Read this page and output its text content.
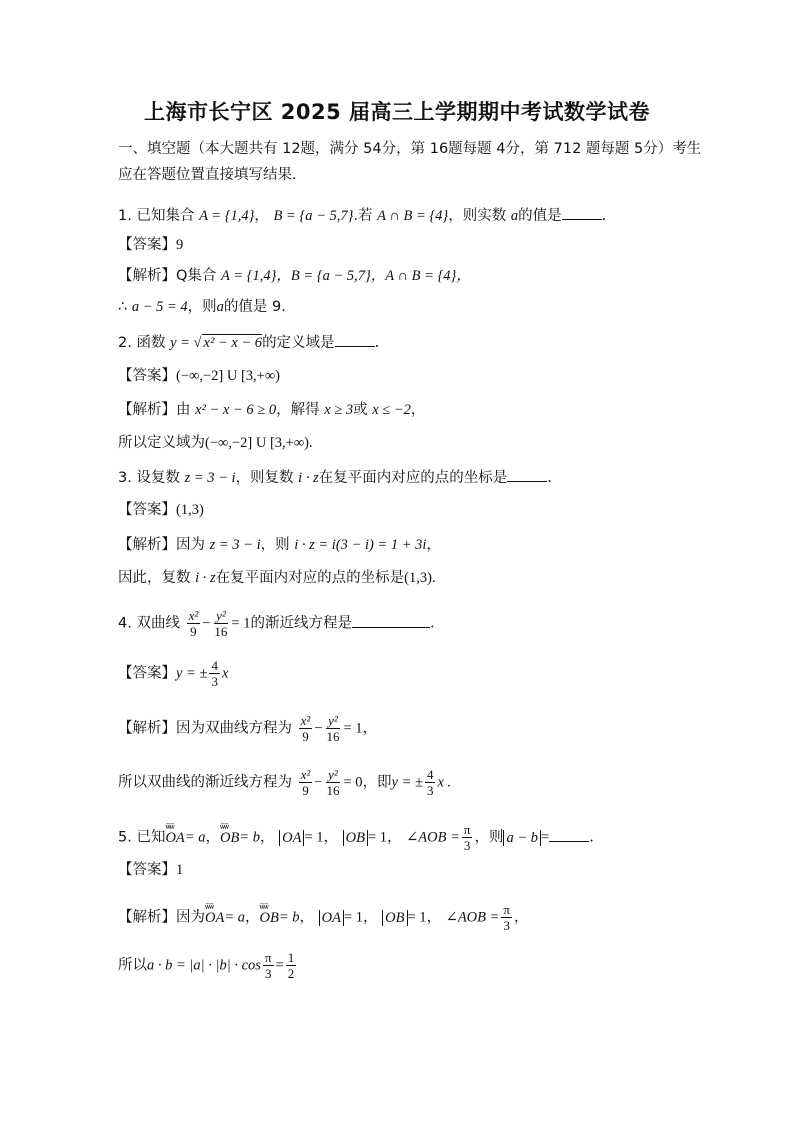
上海市长宁区 2025 届高三上学期期中考试数学试卷
一、填空题（本大题共有 12题，满分 54分，第 16题每题 4分，第 712 题每题 5分）考生
应在答题位置直接填写结果.
1. 已知集合 A = {1,4}， B = {a − 5,7}.若 A ∩ B = {4}，则实数 a的值是	.
【答案】9
【解析】Q集合 A = {1,4}，B = {a − 5,7}，A ∩ B = {4}，
∴ a − 5 = 4，则a的值是 9.
2. 函数 y = √ x² − x − 6的定义域是	.
【答案】(−∞,−2] U [3,+∞)
【解析】由 x² − x − 6 ≥ 0，解得 x ≥ 3或 x ≤ −2，
所以定义域为(−∞,−2] U [3,+∞).
3. 设复数 z = 3 − i，则复数 i · z在复平面内对应的点的坐标是	.
【答案】(1,3)
【解析】因为 z = 3 − i，则 i · z = i(3 − i) = 1 + 3i，
因此，复数 i · z在复平面内对应的点的坐标是(1,3).
4. 双曲线 $\frac{\text{x²}}{9} - \frac{\text{y²}}{16} = 1$的渐近线方程是	.
【答案】y = ± $\frac{4}{3}$ x
【解析】因为双曲线方程为 $\frac{\text{x²}}{9} - \frac{\text{y²}}{16} = 1$，
所以双曲线的渐近线方程为 $\frac{\text{x²}}{9} - \frac{\text{y²}}{16} = 0$，即y = ± $\frac{4}{3}$ x .
5. 已知ѿѿ OA= a，ѿѿ OB= b， OA = 1， OB = 1， ∠AOB = $\frac{\pi}{3}$ ，则 a − b =	.
【答案】1
【解析】因为ѿѿ OA= a，ѿѿ OB= b， OA = 1， OB = 1， ∠AOB = $\frac{\pi}{3}$ ，
所以$a \cdot b = |a| \cdot |b| \cdot \cos \frac{\pi}{3} = \frac{1}{2}$
